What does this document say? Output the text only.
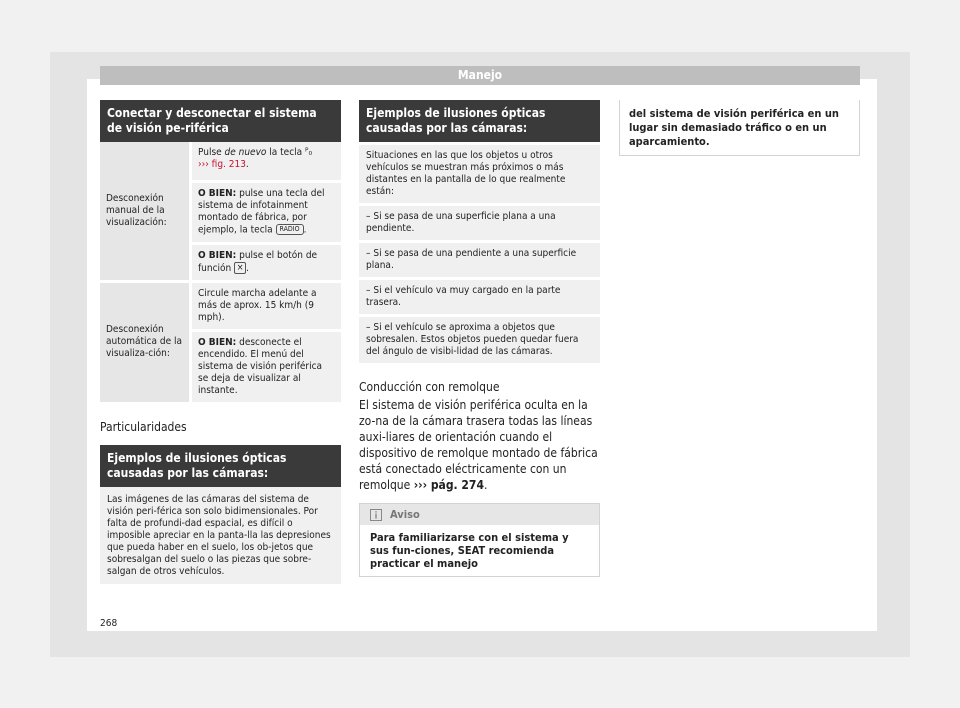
Manejo
Conectar y desconectar el sistema de visión pe-riférica
Desconexión manual de la visualización:	Pulse de nuevo la tecla ᴾ₀
››› fig. 213.
	O BIEN: pulse una tecla del sistema de infotainment montado de fábrica, por ejemplo, la tecla RADIO .
	O BIEN: pulse el botón de función × .
Desconexión automática de la visualiza-ción:	Circule marcha adelante a más de aprox. 15 km/h (9 mph).
	O BIEN: desconecte el encendido. El menú del sistema de visión periférica se deja de visualizar al instante.
Particularidades
Ejemplos de ilusiones ópticas causadas por las cámaras:
Las imágenes de las cámaras del sistema de visión peri-férica son solo bidimensionales. Por falta de profundi-dad espacial, es difícil o imposible apreciar en la panta-lla las depresiones que pueda haber en el suelo, los ob-jetos que sobresalgan del suelo o las piezas que sobre-salgan de otros vehículos.
Ejemplos de ilusiones ópticas causadas por las cámaras:
Situaciones en las que los objetos u otros vehículos se muestran más próximos o más distantes en la pantalla de lo que realmente están:
– Si se pasa de una superficie plana a una pendiente.
– Si se pasa de una pendiente a una superficie plana.
– Si el vehículo va muy cargado en la parte trasera.
– Si el vehículo se aproxima a objetos que sobresalen. Estos objetos pueden quedar fuera del ángulo de visibi-lidad de las cámaras.
Conducción con remolque
El sistema de visión periférica oculta en la zo-na de la cámara trasera todas las líneas auxi-liares de orientación cuando el dispositivo de remolque montado de fábrica está conectado eléctricamente con un remolque ››› pág. 274.
Aviso
Para familiarizarse con el sistema y sus fun-ciones, SEAT recomienda practicar el manejo
del sistema de visión periférica en un lugar sin demasiado tráfico o en un aparcamiento.
268
